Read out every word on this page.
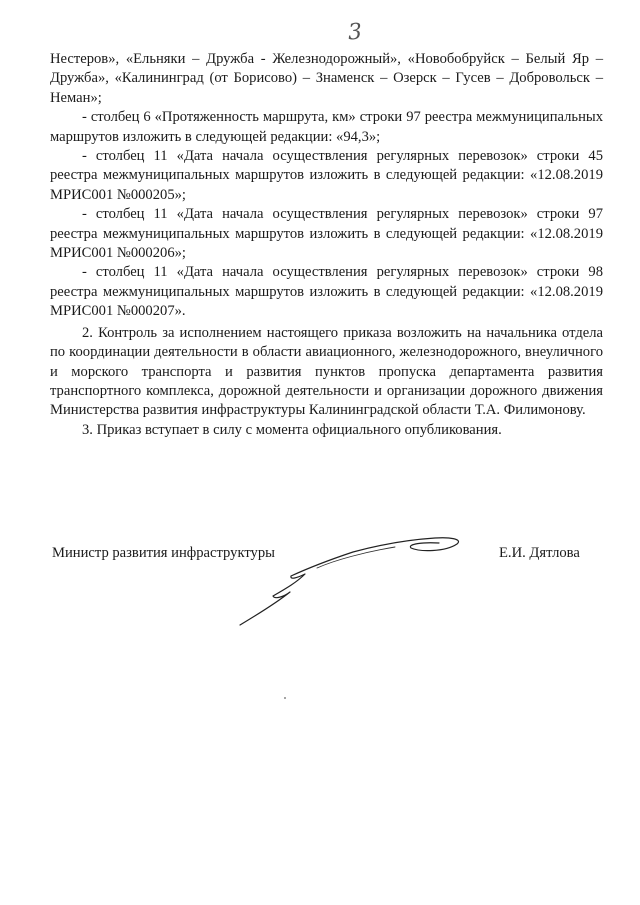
3

Нестеров», «Ельняки – Дружба - Железнодорожный», «Новобобруйск – Белый Яр – Дружба», «Калининград (от Борисово) – Знаменск – Озерск – Гусев – Добровольск – Неман»;

- столбец 6 «Протяженность маршрута, км» строки 97 реестра межмуниципальных маршрутов изложить в следующей редакции: «94,3»;

- столбец 11 «Дата начала осуществления регулярных перевозок» строки 45 реестра межмуниципальных маршрутов изложить в следующей редакции: «12.08.2019 МРИС001 №000205»;

- столбец 11 «Дата начала осуществления регулярных перевозок» строки 97 реестра межмуниципальных маршрутов изложить в следующей редакции: «12.08.2019 МРИС001 №000206»;

- столбец 11 «Дата начала осуществления регулярных перевозок» строки 98 реестра межмуниципальных маршрутов изложить в следующей редакции: «12.08.2019 МРИС001 №000207».

2. Контроль за исполнением настоящего приказа возложить на начальника отдела по координации деятельности в области авиационного, железнодорожного, внеуличного и морского транспорта и развития пунктов пропуска департамента развития транспортного комплекса, дорожной деятельности и организации дорожного движения Министерства развития инфраструктуры Калининградской области Т.А. Филимонову.

3. Приказ вступает в силу с момента официального опубликования.

Министр развития инфраструктуры	Е.И. Дятлова
